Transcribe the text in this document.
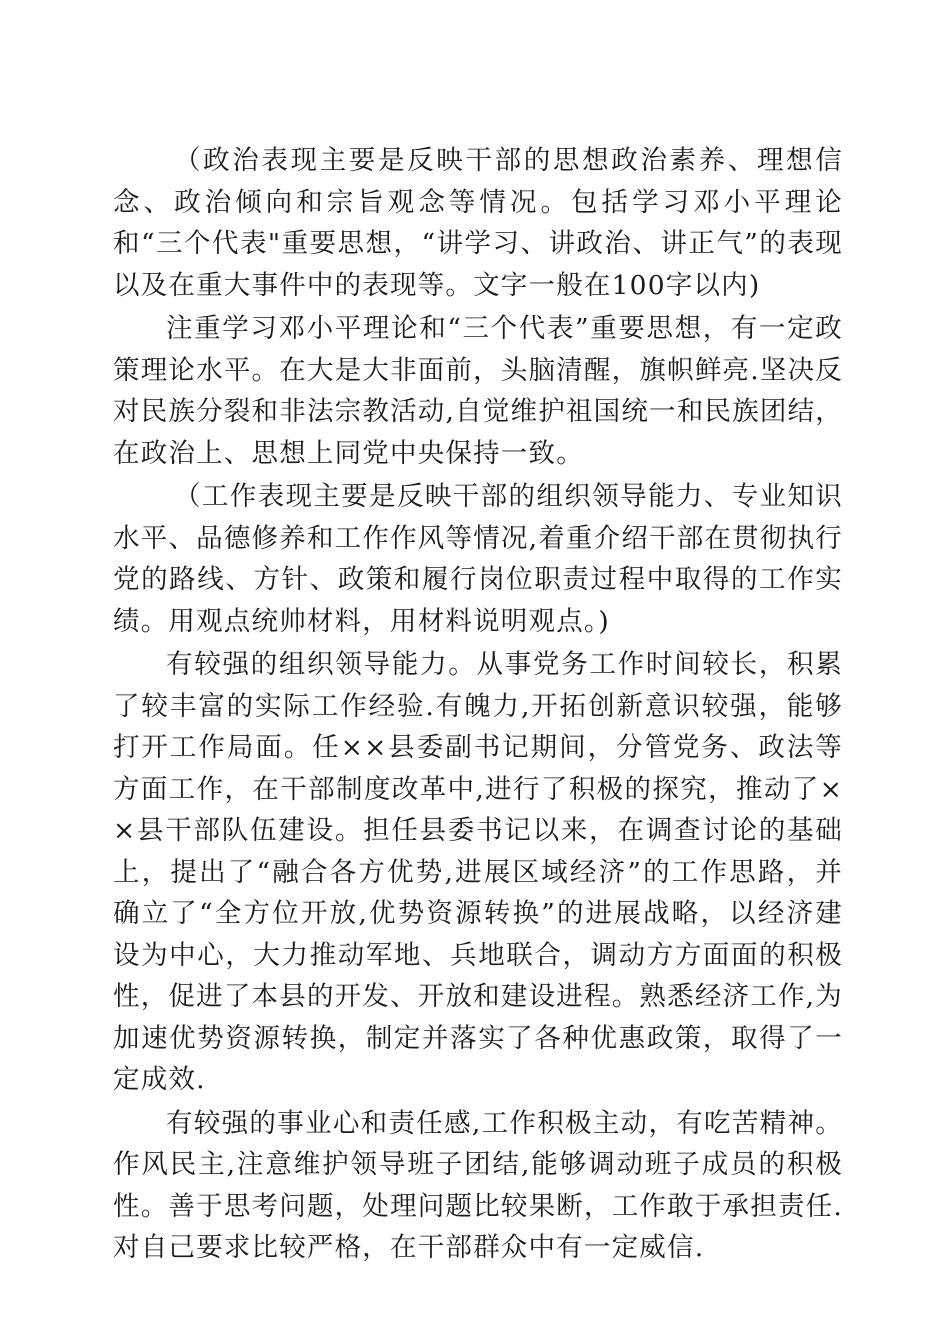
（政治表现主要是反映干部的思想政治素养、理想信念、政治倾向和宗旨观念等情况。包括学习邓小平理论和“三个代表"重要思想，“讲学习、讲政治、讲正气”的表现以及在重大事件中的表现等。文字一般在100字以内)

注重学习邓小平理论和“三个代表”重要思想，有一定政策理论水平。在大是大非面前，头脑清醒，旗帜鲜亮.坚决反对民族分裂和非法宗教活动,自觉维护祖国统一和民族团结，在政治上、思想上同党中央保持一致。

（工作表现主要是反映干部的组织领导能力、专业知识水平、品德修养和工作作风等情况,着重介绍干部在贯彻执行党的路线、方针、政策和履行岗位职责过程中取得的工作实绩。用观点统帅材料，用材料说明观点。)

有较强的组织领导能力。从事党务工作时间较长，积累了较丰富的实际工作经验.有魄力,开拓创新意识较强，能够打开工作局面。任××县委副书记期间，分管党务、政法等方面工作，在干部制度改革中,进行了积极的探究，推动了××县干部队伍建设。担任县委书记以来，在调查讨论的基础上，提出了“融合各方优势,进展区域经济”的工作思路，并确立了“全方位开放,优势资源转换”的进展战略，以经济建设为中心，大力推动军地、兵地联合，调动方方面面的积极性，促进了本县的开发、开放和建设进程。熟悉经济工作,为加速优势资源转换，制定并落实了各种优惠政策，取得了一定成效.

有较强的事业心和责任感,工作积极主动，有吃苦精神。作风民主,注意维护领导班子团结,能够调动班子成员的积极性。善于思考问题，处理问题比较果断，工作敢于承担责任.对自己要求比较严格，在干部群众中有一定威信.
